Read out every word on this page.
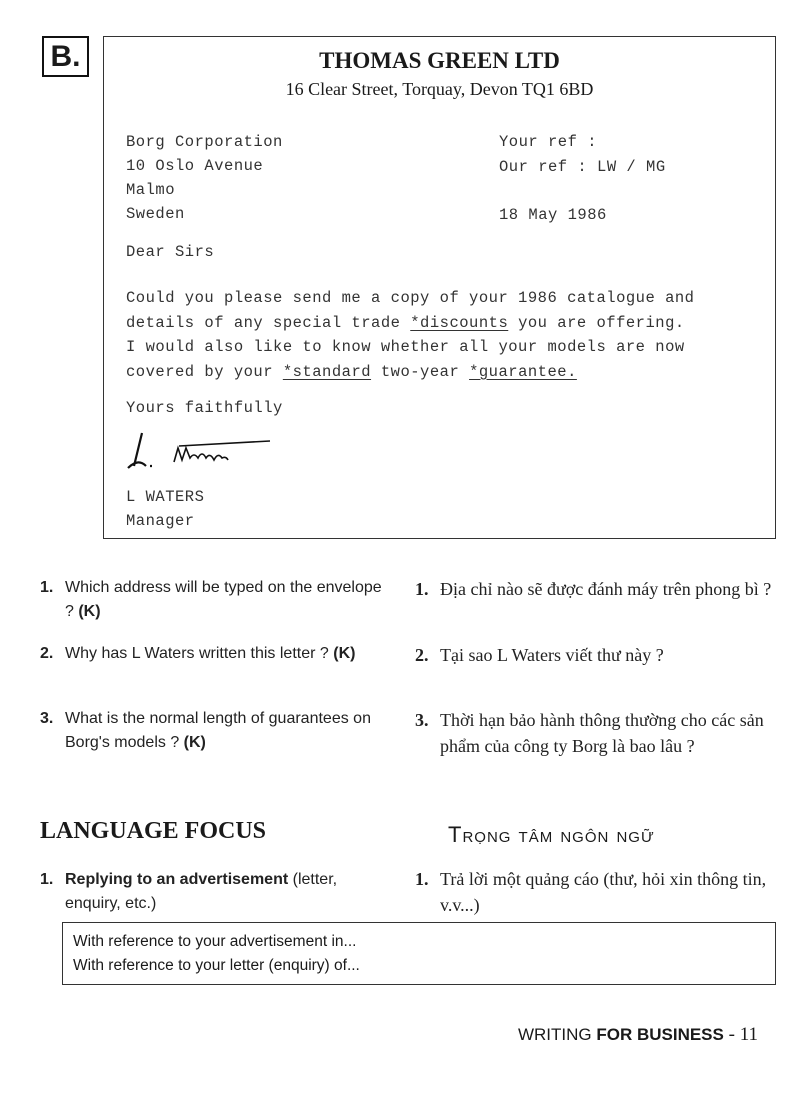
B.	THOMAS GREEN LTD
16 Clear Street, Torquay, Devon TQ1 6BD
Borg Corporation
10 Oslo Avenue
Malmo
Sweden
Your ref :
Our ref : LW / MG
18 May 1986
Dear Sirs
Could you please send me a copy of your 1986 catalogue and
details of any special trade *discounts you are offering.
I would also like to know whether all your models are now
covered by your *standard two-year *guarantee.
Yours faithfully
L WATERS
Manager
1. Which address will be typed on the envelope ? (K)
2. Why has L Waters written this letter ? (K)
3. What is the normal length of guarantees on Borg's models ? (K)
1. Địa chỉ nào sẽ được đánh máy trên phong bì ?
2. Tại sao L Waters viết thư này ?
3. Thời hạn bảo hành thông thường cho các sản phẩm của công ty Borg là bao lâu ?
LANGUAGE FOCUS	Trọng tâm ngôn ngữ
1. Replying to an advertisement (letter, enquiry, etc.)
1. Trả lời một quảng cáo (thư, hỏi xin thông tin, v.v...)
With reference to your advertisement in...
With reference to your letter (enquiry) of...
WRITING FOR BUSINESS - 11
